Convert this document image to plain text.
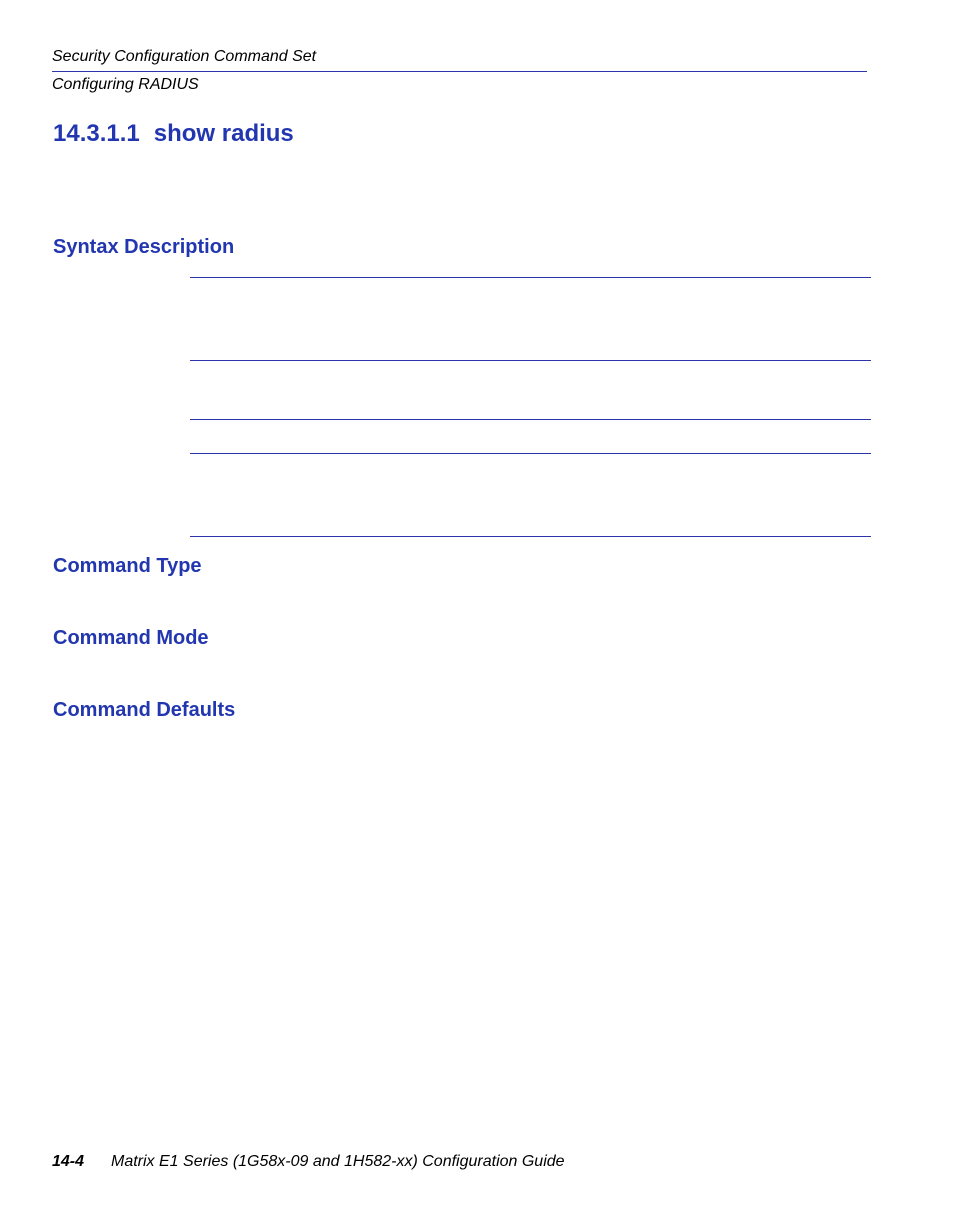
Security Configuration Command Set
Configuring RADIUS
14.3.1.1 show radius
Syntax Description
Command Type
Command Mode
Command Defaults
14-4 Matrix E1 Series (1G58x-09 and 1H582-xx) Configuration Guide
